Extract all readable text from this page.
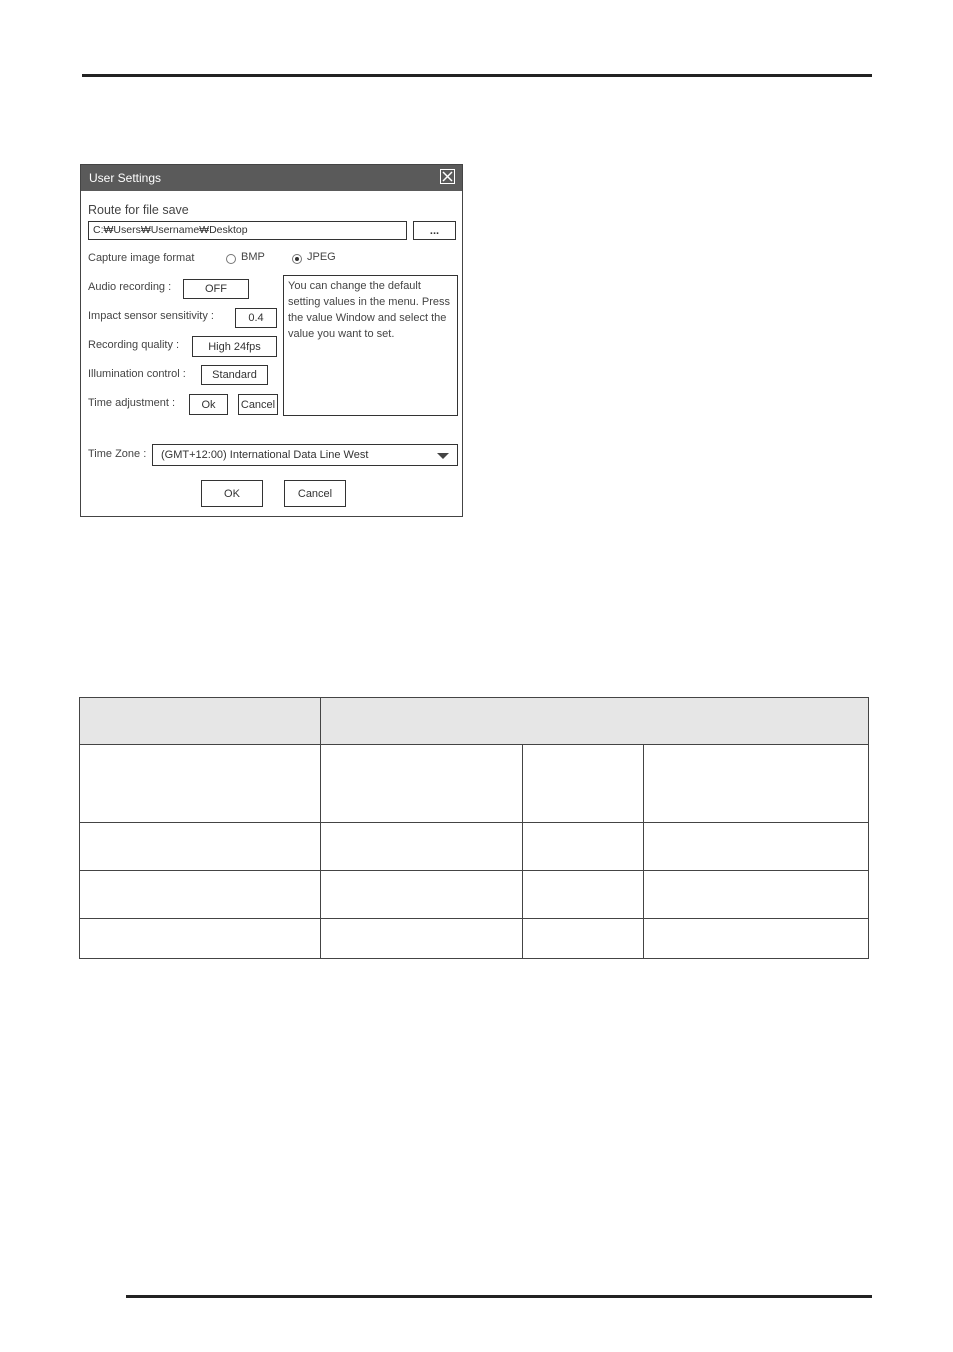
User Settings
Route for file save
C:₩Users₩Username₩Desktop	...
Capture image format	BMP	JPEG
Audio recording :	OFF
Impact sensor sensitivity :	0.4
Recording quality :	High 24fps
Illumination control :	Standard
Time adjustment :	Ok	Cancel
You can change the default setting values in the menu. Press the value Window and select the value you want to set.
Time Zone : (GMT+12:00) International Data Line West
OK	Cancel
